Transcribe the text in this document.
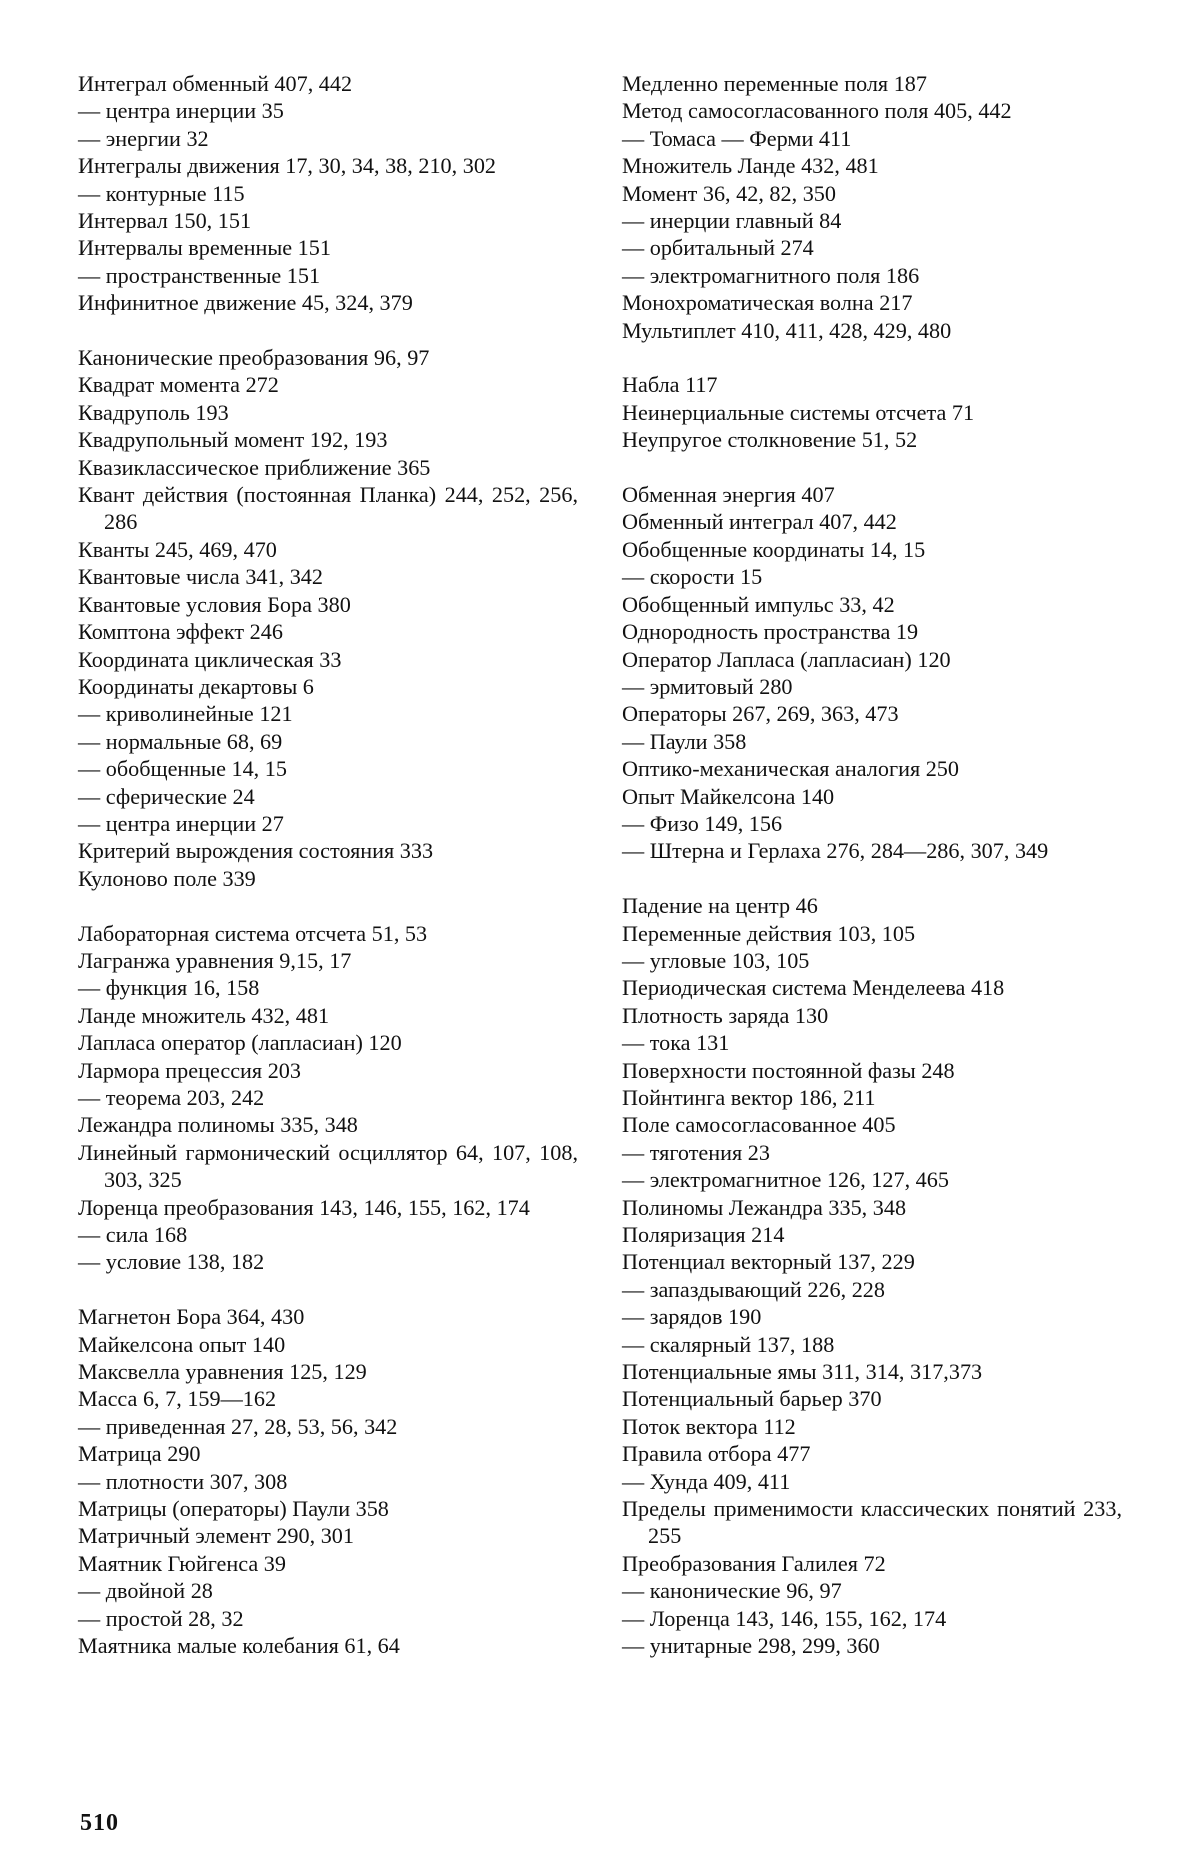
Интеграл обменный 407, 442
— центра инерции 35
— энергии 32
Интегралы движения 17, 30, 34, 38, 210, 302
— контурные 115
Интервал 150, 151
Интервалы временные 151
— пространственные 151
Инфинитное движение 45, 324, 379
Канонические преобразования 96, 97
Квадрат момента 272
Квадруполь 193
Квадрупольный момент 192, 193
Квазиклассическое приближение 365
Квант действия (постоянная Планка) 244, 252, 256, 286
Кванты 245, 469, 470
Квантовые числа 341, 342
Квантовые условия Бора 380
Комптона эффект 246
Координата циклическая 33
Координаты декартовы 6
— криволинейные 121
— нормальные 68, 69
— обобщенные 14, 15
— сферические 24
— центра инерции 27
Критерий вырождения состояния 333
Кулоново поле 339
Лабораторная система отсчета 51, 53
Лагранжа уравнения 9,15, 17
— функция 16, 158
Ланде множитель 432, 481
Лапласа оператор (лапласиан) 120
Лармора прецессия 203
— теорема 203, 242
Лежандра полиномы 335, 348
Линейный гармонический осциллятор 64, 107, 108, 303, 325
Лоренца преобразования 143, 146, 155, 162, 174
— сила 168
— условие 138, 182
Магнетон Бора 364, 430
Майкелсона опыт 140
Максвелла уравнения 125, 129
Масса 6, 7, 159—162
— приведенная 27, 28, 53, 56, 342
Матрица 290
— плотности 307, 308
Матрицы (операторы) Паули 358
Матричный элемент 290, 301
Маятник Гюйгенса 39
— двойной 28
— простой 28, 32
Маятника малые колебания 61, 64
Медленно переменные поля 187
Метод самосогласованного поля 405, 442
— Томаса — Ферми 411
Множитель Ланде 432, 481
Момент 36, 42, 82, 350
— инерции главный 84
— орбитальный 274
— электромагнитного поля 186
Монохроматическая волна 217
Мультиплет 410, 411, 428, 429, 480
Набла 117
Неинерциальные системы отсчета 71
Неупругое столкновение 51, 52
Обменная энергия 407
Обменный интеграл 407, 442
Обобщенные координаты 14, 15
— скорости 15
Обобщенный импульс 33, 42
Однородность пространства 19
Оператор Лапласа (лапласиан) 120
— эрмитовый 280
Операторы 267, 269, 363, 473
— Паули 358
Оптико-механическая аналогия 250
Опыт Майкелсона 140
— Физо 149, 156
— Штерна и Герлаха 276, 284—286, 307, 349
Падение на центр 46
Переменные действия 103, 105
— угловые 103, 105
Периодическая система Менделеева 418
Плотность заряда 130
— тока 131
Поверхности постоянной фазы 248
Пойнтинга вектор 186, 211
Поле самосогласованное 405
— тяготения 23
— электромагнитное 126, 127, 465
Полиномы Лежандра 335, 348
Поляризация 214
Потенциал векторный 137, 229
— запаздывающий 226, 228
— зарядов 190
— скалярный 137, 188
Потенциальные ямы 311, 314, 317,373
Потенциальный барьер 370
Поток вектора 112
Правила отбора 477
— Хунда 409, 411
Пределы применимости классических понятий 233, 255
Преобразования Галилея 72
— канонические 96, 97
— Лоренца 143, 146, 155, 162, 174
— унитарные 298, 299, 360
510
